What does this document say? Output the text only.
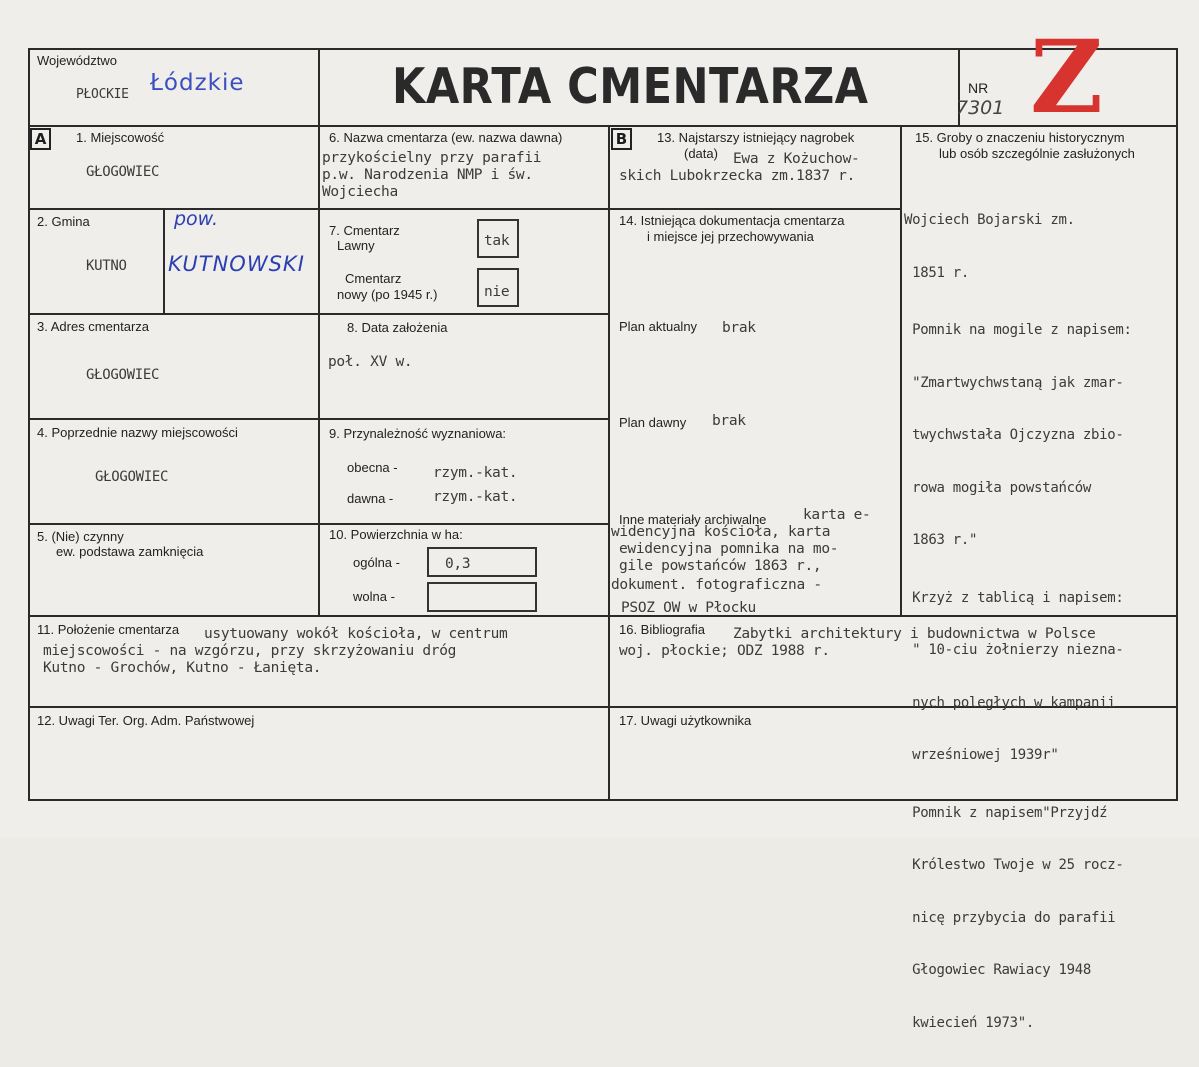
Województwo
PŁOCKIE Łódzkie	KARTA CMENTARZA	NR
7301 Z
A	1. Miejscowość
GŁOGOWIEC
2. Gmina
KUTNO
pow.
KUTNOWSKI
3. Adres cmentarza
GŁOGOWIEC
4. Poprzednie nazwy miejscowości
GŁOGOWIEC
5. (Nie) czynny
ew. podstawa zamknięcia
6. Nazwa cmentarza (ew. nazwa dawna)
przykościelny przy parafii
p.w. Narodzenia NMP i św.
Wojciecha
7. Cmentarz
Lawny	tak
Cmentarz
nowy (po 1945 r.)	nie
8. Data założenia
poł. XV w.
9. Przynależność wyznaniowa:
obecna - rzym.-kat.
dawna -	rzym.-kat.
10. Powierzchnia w ha:
ogólna -	0,3
wolna -
B	13. Najstarszy istniejący nagrobek
(data) Ewa z Kożuchow-
skich Lubokrzecka zm.1837 r.
14. Istniejąca dokumentacja cmentarza
i miejsce jej przechowywania
Plan aktualny brak
Plan dawny brak
Inne materiały archiwalne	karta e-
widencyjna kościoła, karta
ewidencyjna pomnika na mo-
gile powstańców 1863 r.,
dokument. fotograficzna -
PSOZ OW w Płocku
15. Groby o znaczeniu historycznym
lub osób szczególnie zasłużonych

Wojciech Bojarski zm.

1851 r.

Pomnik na mogile z napisem:

"Zmartwychwstaną jak zmar-

twychwstała Ojczyzna zbio-

rowa mogiła powstańców

1863 r."

Krzyż z tablicą i napisem:

" 10-ciu żołnierzy niezna-

nych poległych w kampanii

wrześniowej 1939r"

Pomnik z napisem"Przyjdź

Królestwo Twoje w 25 rocz-

nicę przybycia do parafii

Głogowiec Rawiacy 1948

kwiecień 1973".

11. Położenie cmentarza usytuowany wokół kościoła, w centrum
miejscowości - na wzgórzu, przy skrzyżowaniu dróg
Kutno - Grochów, Kutno - Łanięta.
16. Bibliografia Zabytki architektury i budownictwa w Polsce
woj. płockie; ODZ 1988 r.
12. Uwagi Ter. Org. Adm. Państwowej	17. Uwagi użytkownika
